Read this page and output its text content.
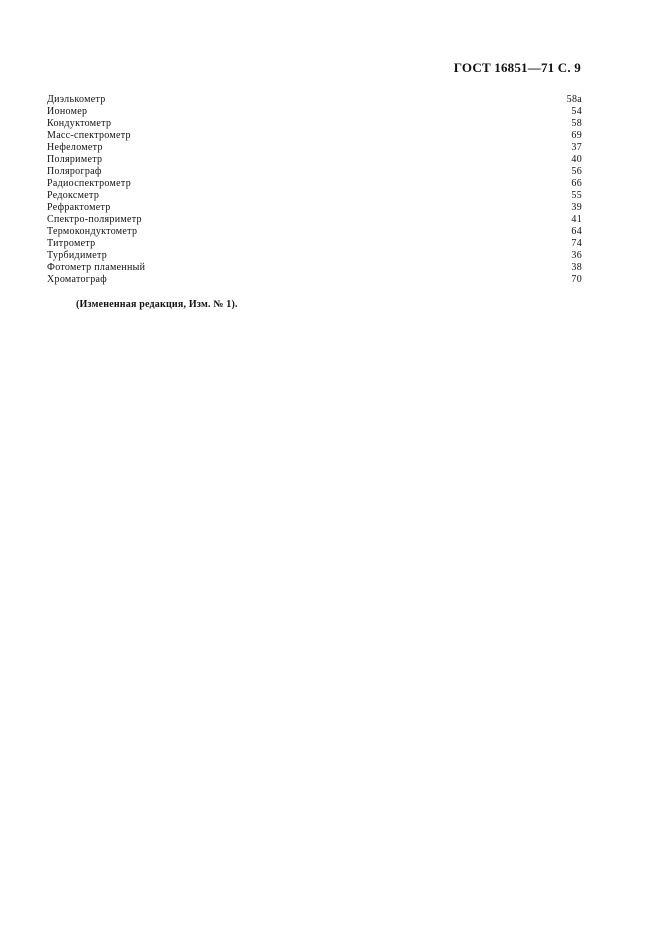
ГОСТ 16851—71 С. 9
Диэлькометр	58а
Иономер	54
Кондуктометр	58
Масс-спектрометр	69
Нефелометр	37
Поляриметр	40
Полярограф	56
Радиоспектрометр	66
Редоксметр	55
Рефрактометр	39
Спектро-поляриметр	41
Термокондуктометр	64
Титрометр	74
Турбидиметр	36
Фотометр пламенный	38
Хроматограф	70
(Измененная редакция, Изм. № 1).
